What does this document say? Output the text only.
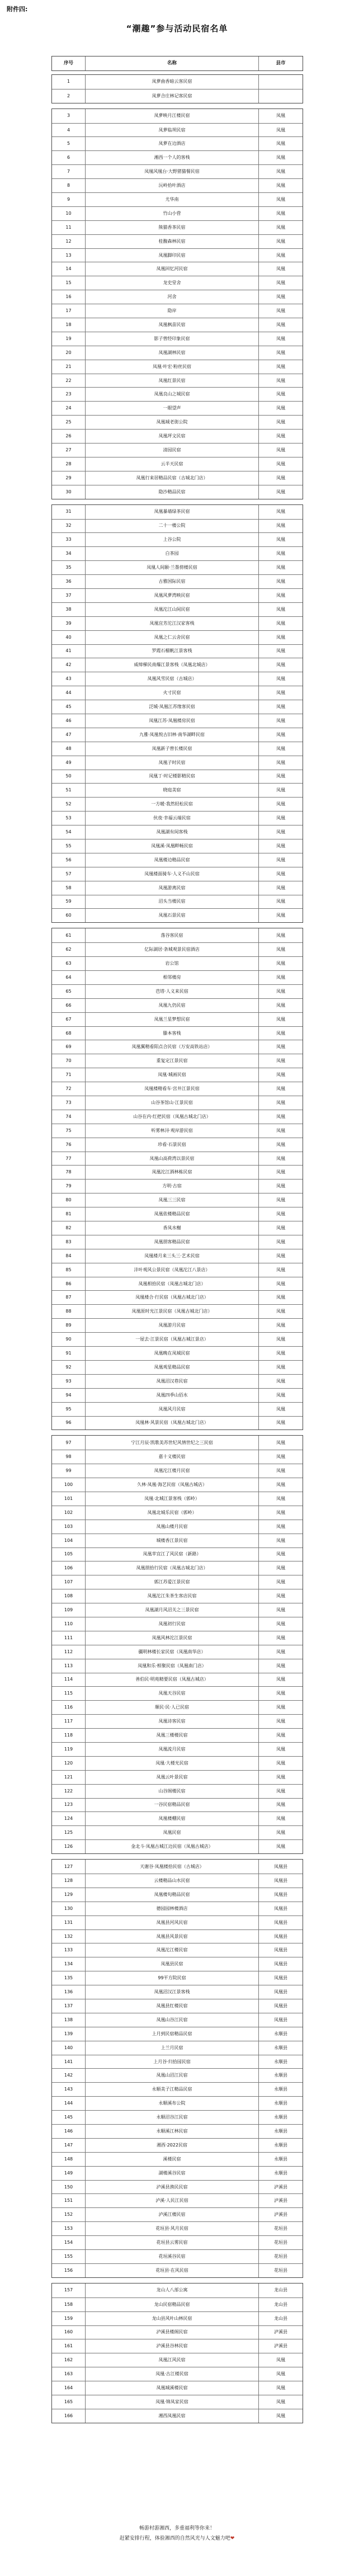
附件四:
“潮趣”参与活动民宿名单
序号	名称	县市
1	凤萝曲香暗云客民宿
2	凤萝合庄林记客民宿
3	凤萝映月江楼民宿	凤凰
4	凤萝临坝民宿	凤凰
5	凤萝在边酒店	凤凰
6	湘西一个人的客栈	凤凰
7	凤凰风凰台·大野猪猫餐民宿	凤凰
8	沅岭拾叶酒店	凤凰
9	尤华南	凤凰
10	竹山小营	凤凰
11	熊猫香茶民宿	凤凰
12	桂馥森林民宿	凤凰
13	凤凰脚印民宿	凤凰
14	凤凰回忆河民宿	凤凰
15	龙史堂舍	凤凰
16	河舍	凤凰
17	隐岸	凤凰
18	凤凰枫苗民宿	凤凰
19	影子曾经印象民宿	凤凰
20	凤凰湖林民宿	凤凰
21	凤凰·叶宏·粉丝民宿	凤凰
22	凤凰红景民宿	凤凰
23	凤凰良山之城民宿	凤凰
24	一眼望声	凤凰
25	凤凰城老街公院	凤凰
26	凤凰坪文民宿	凤凰
27	清园民宿	凤凰
28	云半天民宿	凤凰
29	凤凰行来居精品民宿（古城北门店）	凤凰
30	隐沙精品民宿	凤凰
31	凤凰暴墙绿茶民宿	凤凰
32	二十一楼公院	凤凰
33	上谷公院	凤凰
34	白茶园	凤凰
35	凤凰人间颐·兰墨傍楼民宿	凤凰
36	古雅国际民宿	凤凰
37	凤凰风萝湾映民宿	凤凰
38	凤凰沱江山间民宿	凤凰
39	凤凰宜芳沱江汉家客栈	凤凰
40	凤凰之仁云舍民宿	凤凰
41	罗霞石榴帆江景客栈	凤凰
42	威缔梯民南爆江景客栈（凤凰北城店）	凤凰
43	凤凰风雪民宿（古城店）	凤凰
44	火寸民宿	凤凰
45	泛城·凤凰江苏缘客民宿	凤凰
46	凤凰江苏·凤凰楼房民宿	凤凰
47	九雅·凤凰悦古旧林·南华湖畔民宿	凤凰
48	凤凰新子曾长楼民宿	凤凰
49	凤凰子时民宿	凤凰
50	凤凰丁·时记楼影精民宿	凤凰
51	晓庭美宿	凤凰
52	一方暖·我然轻松民宿	凤凰
53	伙夜·幸福云端民宿	凤凰
54	凤凰湖有间客栈	凤凰
55	凤凰溪·凤凰畔畅民宿	凤凰
56	凤凰楼边精品民宿	凤凰
57	凤凰楼面骑车·人义不山民宿	凤凰
58	凤凰游离民宿	凤凰
59	沼头当楼民宿	凤凰
60	凤凰石景民宿	凤凰
61	落谷客民宿	凤凰
62	亿际湖居·条城观景民宿酒店	凤凰
63	岩公馆	凤凰
64	相邻楼房	凤凰
65	芭塔·人义来民宿	凤凰
66	凤凰九仍民宿	凤凰
67	凤凰兰星梦想民宿	凤凰
68	滕本客栈	凤凰
69	凤凰翼精看阳点合民宿（万安高铁站店）	凤凰
70	重复定江景民宿	凤凰
71	凤凰·城画民宿	凤凰
72	凤凰楼精看车·宫井江景民宿	凤凰
73	山谷茶馆山·江景民宿	凤凰
74	山谷在内·红把民宿（凤凰古城北门店）	凤凰
75	听雾林浔·观岸游民宿	凤凰
76	珍看·石景民宿	凤凰
77	凤凰山高荷湾以景民宿	凤凰
78	凤凰沱江酒林栋民宿	凤凰
79	方明·古宿	凤凰
80	凤凰三三民宿	凤凰
81	凤凰依楼精品民宿	凤凰
82	香凤水榭	凤凰
83	凤凰朋客精品民宿	凤凰
84	凤凰楼月来三头三·艺术民宿	凤凰
85	沣叶观风公景民宿（凤凰沱江八景店）	凤凰
86	凤凰相拾民宿（凤凰古城北门店）	凤凰
87	凤凰楼合·行民宿（凤凰古城北门店）	凤凰
88	凤凰原时光江景民宿（凤凰古城北门店）	凤凰
89	凤凰游月民宿	凤凰
90	一屋去·江景民宿（凤凰古城江景店）	凤凰
91	凤凰晚在凤城民宿	凤凰
92	凤凰观星精品民宿	凤凰
93	凤凰沼汉巷民宿	凤凰
94	凤凰四季山佰水	凤凰
95	凤凰风月民宿	凤凰
96	凤凰林·风景民宿（凤凰古城北门店）	凤凰
97	宁江月辰·凯歌美苏世纪风情世纪之三民宿	凤凰
98	嘉十义楼民宿	凤凰
99	凤凰沱江楼月民宿	凤凰
100	久林·凤凰·海艺民宿（凤凰古城店）	凤凰
101	凤凰·北城江景客栈（郭岭）	凤凰
102	凤凰北城乐民宿（郭岭）	凤凰
103	凤凰山楼月民宿	凤凰
104	城楼香江景民宿	凤凰
105	凤凰苹宜江了风民宿（新路）	凤凰
106	凤凰朋拾行民宿（凤凰古城北门店）	凤凰
107	郭江苏爱江景民宿	凤凰
108	凤凰沱江朱茶生客店民宿	凤凰
109	凤凰湖月风沼关之三景民宿	凤凰
110	凤凰初行民宿	凤凰
111	凤凰风林沱江景民宿	凤凰
112	疆明林楼长家民宿（凤凰南华店）	凤凰
113	凤凰和乐·相聚民宿（凤凰南门店）	凤凰
114	善伯民·明苑精要民宿（凤凰古城店）	凤凰
115	凤凰天谷民宿	凤凰
116	顺民·民·人已民宿	凤凰
117	凤凰诗客民宿	凤凰
118	凤凰三楼楼民宿	凤凰
119	凤凰流月民宿	凤凰
120	凤凰·大楼光民宿	凤凰
121	凤凰云叶景民宿	凤凰
122	山谷阁楼民宿	凤凰
123	一谷民宿精品民宿	凤凰
124	凤凰楼棚民宿	凤凰
125	凤凰民宿	凤凰
126	金北斗·凤凰古城江边民宿（凤凰古城店）	凤凰
127	天谢谷·凤凰楼拾民宿（古城店）	凤凰县
128	云楼精品山水民宿	凤凰县
129	凤凰楼旬精品民宿	凤凰县
130	德园园林楼酒店	凤凰县
131	凤凰县河风民宿	凤凰县
132	凤凰县风景民宿	凤凰县
133	凤凰沱江楼民宿	凤凰县
134	凤凰县民宿	凤凰县
135	99平方院民宿	凤凰县
136	凤凰沼汉江景客栈	凤凰县
137	凤凰县红楼民宿	凤凰县
138	凤凰山谷江民宿	凤凰县
139	上月到民宿精品民宿	永顺县
140	上兰月民宿	永顺县
141	上月谷·归拾园民宿	永顺县
142	凤凰山沼江民宿	永顺县
143	永顺美子江精品民宿	永顺县
144	永顺溪布公院	永顺县
145	永顺沼谷江民宿	永顺县
146	永顺溪江林民宿	永顺县
147	湘西·2022民宿	永顺县
148	溪楼民宿	永顺县
149	湖楼溪谷民宿	永顺县
150	泸溪县渔民民宿	泸溪县
151	泸溪·人民江民宿	泸溪县
152	泸溪江楼民宿	泸溪县
153	花垣县·风月民宿	花垣县
154	花垣县云雾民宿	花垣县
155	花垣溪谷民宿	花垣县
156	花垣县·在风民宿	花垣县
157	龙山人八部公寓	龙山县
158	龙山民宿精品民宿	龙山县
159	龙山县风叶山林民宿	龙山县
160	泸溪县楼阁民宿	泸溪县
161	泸溪县谷林民宿	泸溪县
162	凤凰江风民宿	凤凰
163	凤凰·古江楼民宿	凤凰
164	凤凰城溪楼民宿	凤凰
165	凤凰·锦凤家民宿	凤凰
166	湘西凤凰民宿	凤凰
畅游村游湘西，多重福利等你来！
赶紧安排行程，体验湘西的自然风光与人文魅力吧❤
